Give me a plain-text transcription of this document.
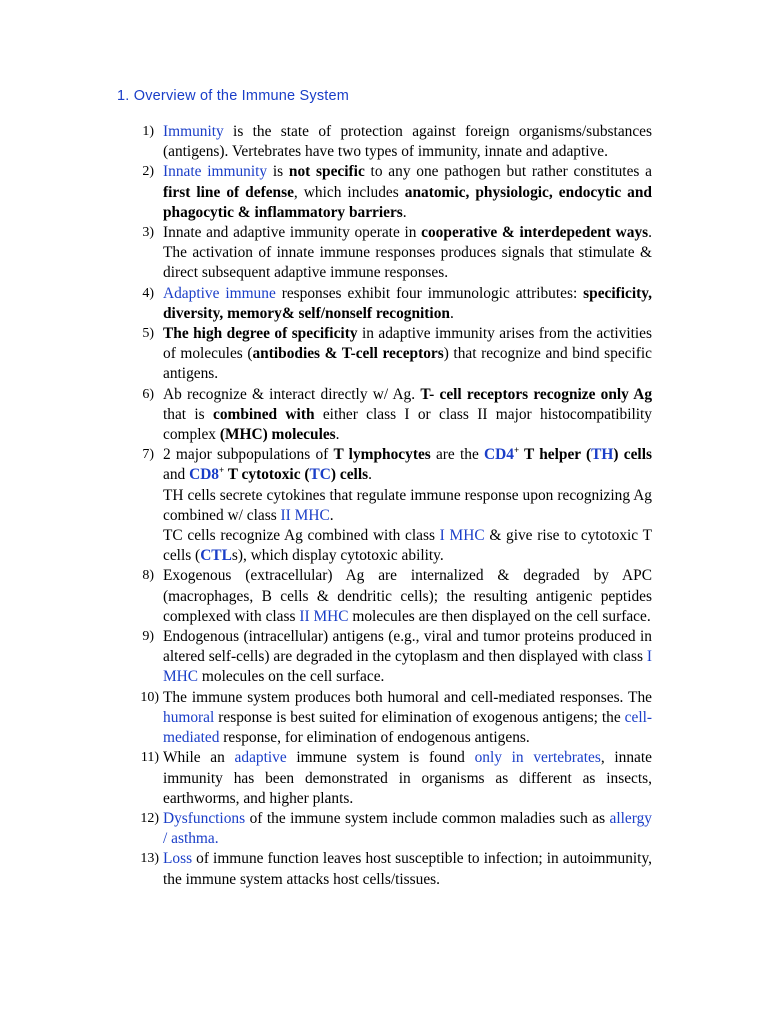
1. Overview of the Immune System
1) Immunity is the state of protection against foreign organisms/substances (antigens). Vertebrates have two types of immunity, innate and adaptive.
2) Innate immunity is not specific to any one pathogen but rather constitutes a first line of defense, which includes anatomic, physiologic, endocytic and phagocytic & inflammatory barriers.
3) Innate and adaptive immunity operate in cooperative & interdepedent ways. The activation of innate immune responses produces signals that stimulate & direct subsequent adaptive immune responses.
4) Adaptive immune responses exhibit four immunologic attributes: specificity, diversity, memory& self/nonself recognition.
5) The high degree of specificity in adaptive immunity arises from the activities of molecules (antibodies & T-cell receptors) that recognize and bind specific antigens.
6) Ab recognize & interact directly w/ Ag. T- cell receptors recognize only Ag that is combined with either class I or class II major histocompatibility complex (MHC) molecules.
7) 2 major subpopulations of T lymphocytes are the CD4+ T helper (TH) cells and CD8+ T cytotoxic (TC) cells.
TH cells secrete cytokines that regulate immune response upon recognizing Ag combined w/ class II MHC.
TC cells recognize Ag combined with class I MHC & give rise to cytotoxic T cells (CTLs), which display cytotoxic ability.
8) Exogenous (extracellular) Ag are internalized & degraded by APC (macrophages, B cells & dendritic cells); the resulting antigenic peptides complexed with class II MHC molecules are then displayed on the cell surface.
9) Endogenous (intracellular) antigens (e.g., viral and tumor proteins produced in altered self-cells) are degraded in the cytoplasm and then displayed with class I MHC molecules on the cell surface.
10) The immune system produces both humoral and cell-mediated responses. The humoral response is best suited for elimination of exogenous antigens; the cell-mediated response, for elimination of endogenous antigens.
11) While an adaptive immune system is found only in vertebrates, innate immunity has been demonstrated in organisms as different as insects, earthworms, and higher plants.
12) Dysfunctions of the immune system include common maladies such as allergy / asthma.
13) Loss of immune function leaves host susceptible to infection; in autoimmunity, the immune system attacks host cells/tissues.
